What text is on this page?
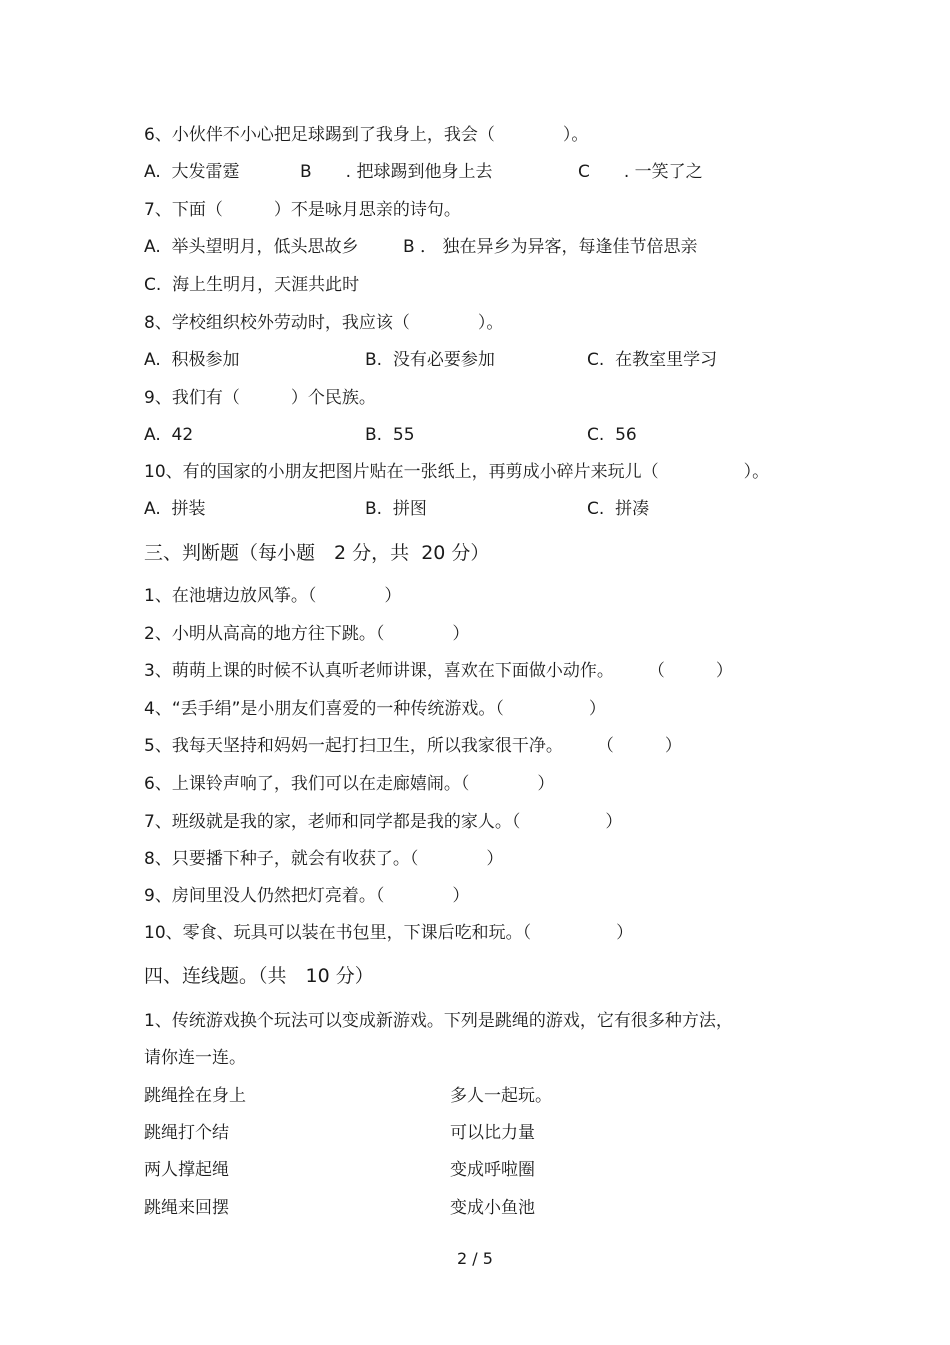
6、小伙伴不小心把足球踢到了我身上，我会（　　　　）。
A.  大发雷霆	B　　. 把球踢到他身上去	C　　. 一笑了之
7、下面（　　　）不是咏月思亲的诗句。
A.  举头望明月，低头思故乡	B ． 独在异乡为异客，每逢佳节倍思亲
C.  海上生明月，天涯共此时
8、学校组织校外劳动时，我应该（　　　　）。
A.  积极参加	B.  没有必要参加	C.  在教室里学习
9、我们有（　　　）个民族。
A.  42	B.  55	C.  56
10、有的国家的小朋友把图片贴在一张纸上，再剪成小碎片来玩儿（　　　　　）。
A.  拼装	B.  拼图	C.  拼凑
三、判断题（每小题　2 分，共  20 分）
1、在池塘边放风筝。（　　　　）
2、小明从高高的地方往下跳。（　　　　）
3、萌萌上课的时候不认真听老师讲课，喜欢在下面做小动作。　　　（　　　）
4、“丢手绢”是小朋友们喜爱的一种传统游戏。（　　　　　）
5、我每天坚持和妈妈一起打扫卫生，所以我家很干净。　　　（　　　）
6、上课铃声响了，我们可以在走廊嬉闹。（　　　　）
7、班级就是我的家，老师和同学都是我的家人。（　　　　　）
8、只要播下种子，就会有收获了。（　　　　）
9、房间里没人仍然把灯亮着。（　　　　）
10、零食、玩具可以装在书包里，下课后吃和玩。（　　　　　）
四、连线题。（共　10 分）
1、传统游戏换个玩法可以变成新游戏。下列是跳绳的游戏，它有很多种方法，
请你连一连。
跳绳拴在身上	多人一起玩。
跳绳打个结	可以比力量
两人撑起绳	变成呼啦圈
跳绳来回摆	变成小鱼池
2 / 5
